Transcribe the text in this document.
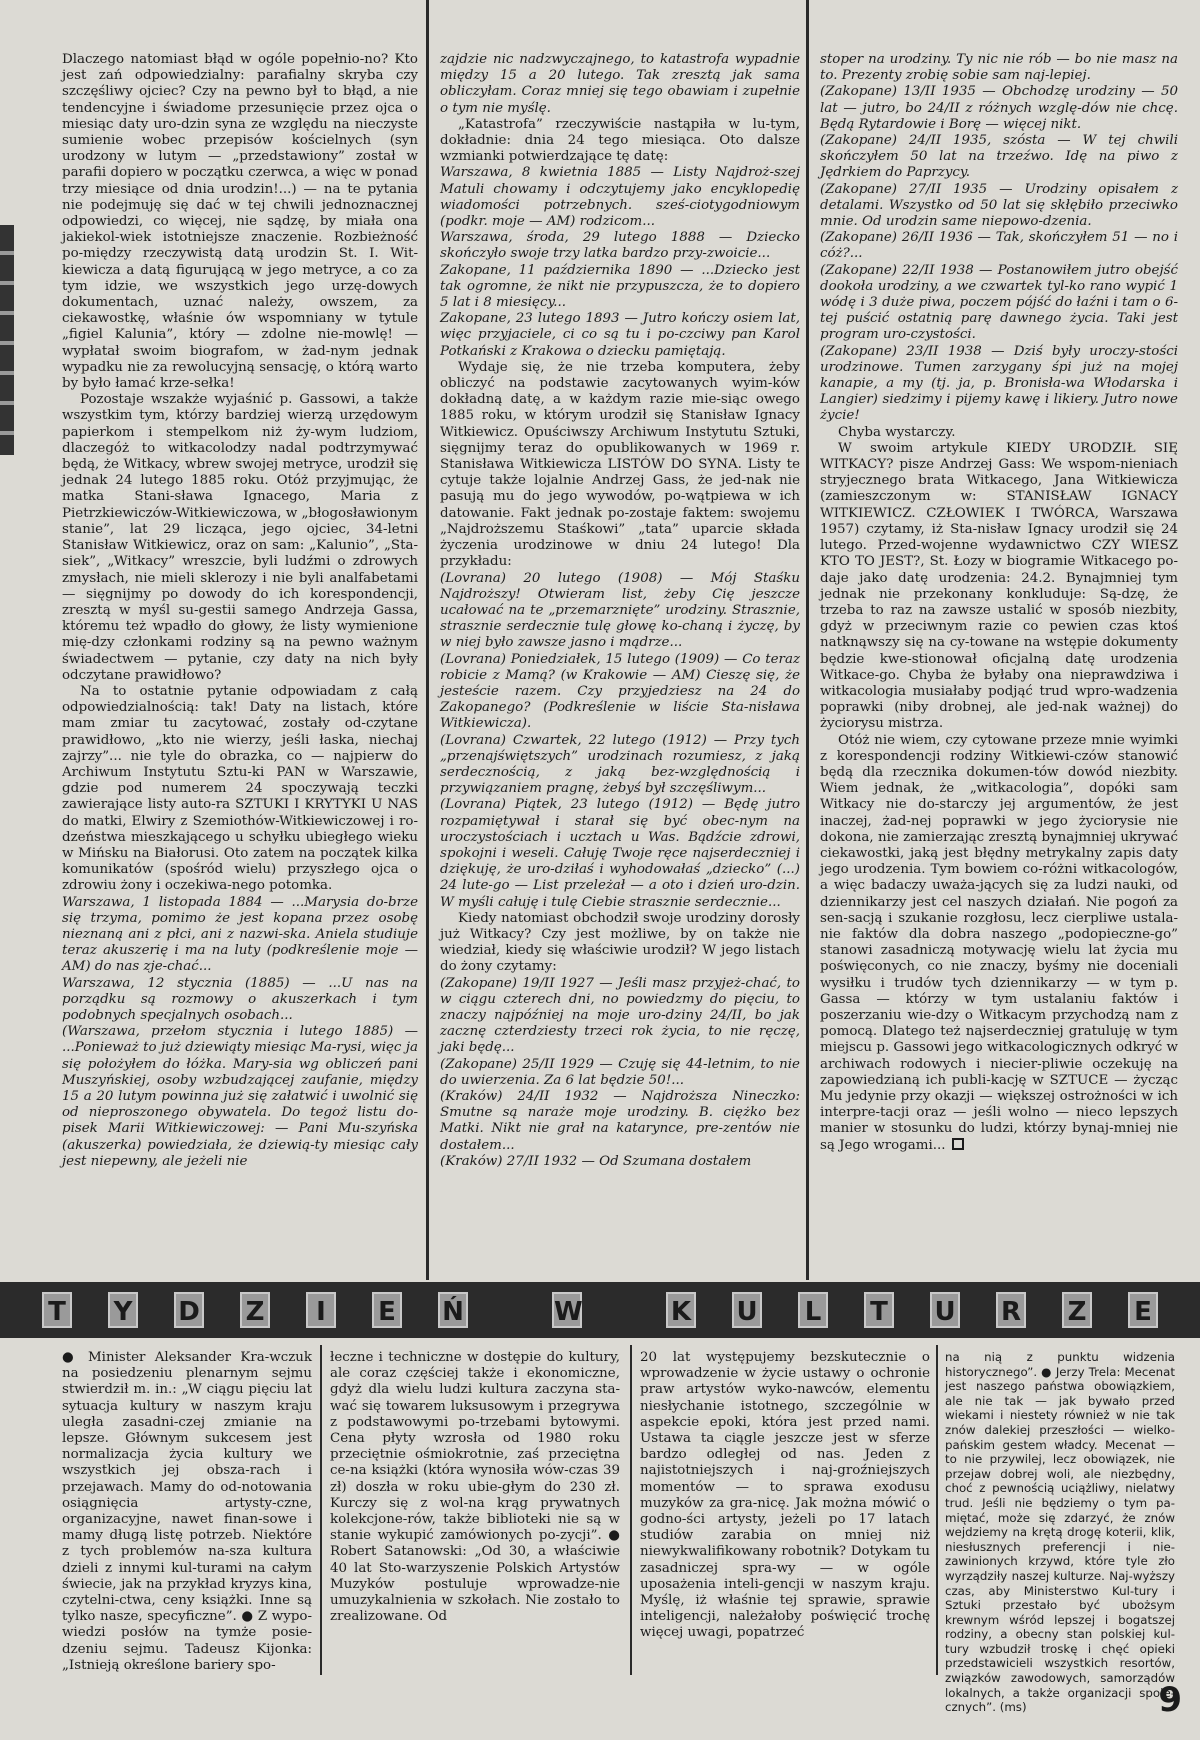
Dlaczego natomiast błąd w ogóle popełnio-no? Kto jest zań odpowiedzialny: parafialny skryba czy szczęśliwy ojciec? Czy na pewno był to błąd, a nie tendencyjne i świadome przesunięcie przez ojca o miesiąc daty uro-dzin syna ze względu na nieczyste sumienie wobec przepisów kościelnych (syn urodzony w lutym — „przedstawiony” został w parafii dopiero w początku czerwca, a więc w ponad trzy miesiące od dnia urodzin!...) — na te pytania nie podejmuję się dać w tej chwili jednoznacznej odpowiedzi, co więcej, nie sądzę, by miała ona jakiekol-wiek istotniejsze znaczenie. Rozbieżność po-między rzeczywistą datą urodzin St. I. Wit-kiewicza a datą figurującą w jego metryce, a co za tym idzie, we wszystkich jego urzę-dowych dokumentach, uznać należy, owszem, za ciekawostkę, właśnie ów wspomniany w tytule „figiel Kalunia”, który — zdolne nie-mowlę! — wypłatał swoim biografom, w żad-nym jednak wypadku nie za rewolucyjną sensację, o którą warto by było łamać krze-sełka!

Pozostaje wszakże wyjaśnić p. Gassowi, a także wszystkim tym, którzy bardziej wierzą urzędowym papierkom i stempelkom niż ży-wym ludziom, dlaczegóż to witkacolodzy nadal podtrzymywać będą, że Witkacy, wbrew swojej metryce, urodził się jednak 24 lutego 1885 roku. Otóż przyjmując, że matka Stani-sława Ignacego, Maria z Pietrzkiewiczów-Witkiewiczowa, w „błogosławionym stanie”, lat 29 licząca, jego ojciec, 34-letni Stanisław Witkiewicz, oraz on sam: „Kalunio”, „Sta-siek”, „Witkacy” wreszcie, byli ludźmi o zdrowych zmysłach, nie mieli sklerozy i nie byli analfabetami — sięgnijmy po dowody do ich korespondencji, zresztą w myśl su-gestii samego Andrzeja Gassa, któremu też wpadło do głowy, że listy wymienione mię-dzy członkami rodziny są na pewno ważnym świadectwem — pytanie, czy daty na nich były odczytane prawidłowo?

Na to ostatnie pytanie odpowiadam z całą odpowiedzialnością: tak! Daty na listach, które mam zmiar tu zacytować, zostały od-czytane prawidłowo, „kto nie wierzy, jeśli łaska, niechaj zajrzy”... nie tyle do obrazka, co — najpierw do Archiwum Instytutu Sztu-ki PAN w Warszawie, gdzie pod numerem 24 spoczywają teczki zawierające listy auto-ra SZTUKI I KRYTYKI U NAS do matki, Elwiry z Szemiothów-Witkiewiczowej i ro-dzeństwa mieszkającego u schyłku ubiegłego wieku w Mińsku na Białorusi. Oto zatem na początek kilka komunikatów (spośród wielu) przyszłego ojca o zdrowiu żony i oczekiwa-nego potomka.

Warszawa, 1 listopada 1884 — ...Marysia do-brze się trzyma, pomimo że jest kopana przez osobę nieznaną ani z płci, ani z nazwi-ska. Aniela studiuje teraz akuszerię i ma na luty (podkreślenie moje — AM) do nas zje-chać...

Warszawa, 12 stycznia (1885) — ...U nas na porządku są rozmowy o akuszerkach i tym podobnych specjalnych osobach...

(Warszawa, przełom stycznia i lutego 1885) — ...Ponieważ to już dziewiąty miesiąc Ma-rysi, więc ja się położyłem do łóżka. Mary-sia wg obliczeń pani Muszyńskiej, osoby wzbudzającej zaufanie, między 15 a 20 lutym powinna już się załatwić i uwolnić się od nieproszonego obywatela. Do tegoż listu do-pisek Marii Witkiewiczowej: — Pani Mu-szyńska (akuszerka) powiedziała, że dziewią-ty miesiąc cały jest niepewny, ale jeżeli nie

zajdzie nic nadzwyczajnego, to katastrofa wypadnie między 15 a 20 lutego. Tak zresztą jak sama obliczyłam. Coraz mniej się tego obawiam i zupełnie o tym nie myślę.

„Katastrofa” rzeczywiście nastąpiła w lu-tym, dokładnie: dnia 24 tego miesiąca. Oto dalsze wzmianki potwierdzające tę datę:

Warszawa, 8 kwietnia 1885 — Listy Najdroż-szej Matuli chowamy i odczytujemy jako encyklopedię wiadomości potrzebnych. sześ-ciotygodniowym (podkr. moje — AM) rodzicom...

Warszawa, środa, 29 lutego 1888 — Dziecko skończyło swoje trzy latka bardzo przy-zwoicie...

Zakopane, 11 października 1890 — ...Dziecko jest tak ogromne, że nikt nie przypuszcza, że to dopiero 5 lat i 8 miesięcy...

Zakopane, 23 lutego 1893 — Jutro kończy osiem lat, więc przyjaciele, ci co są tu i po-czciwy pan Karol Potkański z Krakowa o dziecku pamiętają.

Wydaje się, że nie trzeba komputera, żeby obliczyć na podstawie zacytowanych wyim-ków dokładną datę, a w każdym razie mie-siąc owego 1885 roku, w którym urodził się Stanisław Ignacy Witkiewicz. Opuściwszy Archiwum Instytutu Sztuki, sięgnijmy teraz do opublikowanych w 1969 r. Stanisława Witkiewicza LISTÓW DO SYNA. Listy te cytuje także lojalnie Andrzej Gass, że jed-nak nie pasują mu do jego wywodów, po-wątpiewa w ich datowanie. Fakt jednak po-zostaje faktem: swojemu „Najdroższemu Staśkowi” „tata” uparcie składa życzenia urodzinowe w dniu 24 lutego! Dla przykładu:

(Lovrana) 20 lutego (1908) — Mój Staśku Najdroższy! Otwieram list, żeby Cię jeszcze ucałować na te „przemarznięte” urodziny. Strasznie, strasznie serdecznie tulę głowę ko-chaną i życzę, by w niej było zawsze jasno i mądrze...

(Lovrana) Poniedziałek, 15 lutego (1909) — Co teraz robicie z Mamą? (w Krakowie — AM) Cieszę się, że jesteście razem. Czy przyjedziesz na 24 do Zakopanego? (Podkreślenie w liście Sta-nisława Witkiewicza).

(Lovrana) Czwartek, 22 lutego (1912) — Przy tych „przenajświętszych” urodzinach rozumiesz, z jaką serdecznością, z jaką bez-względnością i przywiązaniem pragnę, żebyś był szczęśliwym...

(Lovrana) Piątek, 23 lutego (1912) — Będę jutro rozpamiętywał i starał się być obec-nym na uroczystościach i ucztach u Was. Bądźcie zdrowi, spokojni i weseli. Całuję Twoje ręce najserdeczniej i dziękuję, że uro-dziłaś i wyhodowałaś „dziecko” (...) 24 lute-go — List przeleżał — a oto i dzień uro-dzin. W myśli całuję i tulę Ciebie strasznie serdecznie...

Kiedy natomiast obchodził swoje urodziny dorosły już Witkacy? Czy jest możliwe, by on także nie wiedział, kiedy się właściwie urodził? W jego listach do żony czytamy:

(Zakopane) 19/II 1927 — Jeśli masz przyjeż-chać, to w ciągu czterech dni, no powiedzmy do pięciu, to znaczy najpóźniej na moje uro-dziny 24/II, bo jak zacznę czterdziesty trzeci rok życia, to nie ręczę, jaki będę...

(Zakopane) 25/II 1929 — Czuję się 44-letnim, to nie do uwierzenia. Za 6 lat będzie 50!...

(Kraków) 24/II 1932 — Najdroższa Nineczko: Smutne są naraże moje urodziny. B. ciężko bez Matki. Nikt nie grał na katarynce, pre-zentów nie dostałem...

(Kraków) 27/II 1932 — Od Szumana dostałem

stoper na urodziny. Ty nic nie rób — bo nie masz na to. Prezenty zrobię sobie sam naj-lepiej.

(Zakopane) 13/II 1935 — Obchodzę urodziny — 50 lat — jutro, bo 24/II z różnych wzglę-dów nie chcę. Będą Rytardowie i Borę — więcej nikt.

(Zakopane) 24/II 1935, szósta — W tej chwili skończyłem 50 lat na trzeźwo. Idę na piwo z Jędrkiem do Paprzycy.

(Zakopane) 27/II 1935 — Urodziny opisałem z detalami. Wszystko od 50 lat się skłębiło przeciwko mnie. Od urodzin same niepowo-dzenia.

(Zakopane) 26/II 1936 — Tak, skończyłem 51 — no i cóż?...

(Zakopane) 22/II 1938 — Postanowiłem jutro obejść dookoła urodziny, a we czwartek tyl-ko rano wypić 1 wódę i 3 duże piwa, poczem pójść do łaźni i tam o 6-tej puścić ostatnią parę dawnego życia. Taki jest program uro-czystości.

(Zakopane) 23/II 1938 — Dziś były uroczy-stości urodzinowe. Tumen zarzygany śpi już na mojej kanapie, a my (tj. ja, p. Bronisła-wa Włodarska i Langier) siedzimy i pijemy kawę i likiery. Jutro nowe życie!

Chyba wystarczy.

W swoim artykule KIEDY URODZIŁ SIĘ WITKACY? pisze Andrzej Gass: We wspom-nieniach stryjecznego brata Witkacego, Jana Witkiewicza (zamieszczonym w: STANISŁAW IGNACY WITKIEWICZ. CZŁOWIEK I TWÓRCA, Warszawa 1957) czytamy, iż Sta-nisław Ignacy urodził się 24 lutego. Przed-wojenne wydawnictwo CZY WIESZ KTO TO JEST?, St. Łozy w biogramie Witkacego po-daje jako datę urodzenia: 24.2. Bynajmniej tym jednak nie przekonany konkluduje: Są-dzę, że trzeba to raz na zawsze ustalić w sposób niezbity, gdyż w przeciwnym razie co pewien czas ktoś natknąwszy się na cy-towane na wstępie dokumenty będzie kwe-stionował oficjalną datę urodzenia Witkace-go. Chyba że byłaby ona nieprawdziwa i witkacologia musiałaby podjąć trud wpro-wadzenia poprawki (niby drobnej, ale jed-nak ważnej) do życiorysu mistrza.

Otóż nie wiem, czy cytowane przeze mnie wyimki z korespondencji rodziny Witkiewi-czów stanowić będą dla rzecznika dokumen-tów dowód niezbity. Wiem jednak, że „witkacologia”, dopóki sam Witkacy nie do-starczy jej argumentów, że jest inaczej, żad-nej poprawki w jego życiorysie nie dokona, nie zamierzając zresztą bynajmniej ukrywać ciekawostki, jaką jest błędny metrykalny zapis daty jego urodzenia. Tym bowiem co-różni witkacologów, a więc badaczy uważa-jących się za ludzi nauki, od dziennikarzy jest cel naszych działań. Nie pogoń za sen-sacją i szukanie rozgłosu, lecz cierpliwe ustala-nie faktów dla dobra naszego „podopieczne-go” stanowi zasadniczą motywację wielu lat życia mu poświęconych, co nie znaczy, byśmy nie doceniali wysiłku i trudów tych dziennikarzy — w tym p. Gassa — którzy w tym ustalaniu faktów i poszerzaniu wie-dzy o Witkacym przychodzą nam z pomocą. Dlatego też najserdeczniej gratuluję w tym miejscu p. Gassowi jego witkacologicznych odkryć w archiwach rodowych i niecier-pliwie oczekuję na zapowiedzianą ich publi-kację w SZTUCE — życząc Mu jedynie przy okazji — większej ostrożności w ich interpre-tacji oraz — jeśli wolno — nieco lepszych manier w stosunku do ludzi, którzy bynaj-mniej nie są Jego wrogami...

T Y D Z	I	E Ń	W	K U L T U R Z E
● Minister Aleksander Kra-wczuk na posiedzeniu plenarnym sejmu stwierdził m. in.: „W ciągu pięciu lat sytuacja kultury w naszym kraju uległa zasadni-czej zmianie na lepsze. Głównym sukcesem jest normalizacja życia kultury we wszystkich jej obsza-rach i przejawach. Mamy do od-notowania osiągnięcia artysty-czne, organizacyjne, nawet finan-sowe i mamy długą listę potrzeb. Niektóre z tych problemów na-sza kultura dzieli z innymi kul-turami na całym świecie, jak na przykład kryzys kina, czytelni-ctwa, ceny książki. Inne są tylko nasze, specyficzne”. ● Z wypo-wiedzi posłów na tymże posie-dzeniu sejmu. Tadeusz Kijonka: „Istnieją określone bariery spo-
łeczne i techniczne w dostępie do kultury, ale coraz częściej także i ekonomiczne, gdyż dla wielu ludzi kultura zaczyna sta-wać się towarem luksusowym i przegrywa z podstawowymi po-trzebami bytowymi. Cena płyty wzrosła od 1980 roku przeciętnie ośmiokrotnie, zaś przeciętna ce-na książki (która wynosiła wów-czas 39 zł) doszła w roku ubie-głym do 230 zł. Kurczy się z wol-na krąg prywatnych kolekcjone-rów, także biblioteki nie są w stanie wykupić zamówionych po-zycji”. ● Robert Satanowski: „Od 30, a właściwie 40 lat Sto-warzyszenie Polskich Artystów Muzyków postuluje wprowadze-nie umuzykalnienia w szkołach. Nie zostało to zrealizowane. Od
20 lat występujemy bezskutecznie o wprowadzenie w życie ustawy o ochronie praw artystów wyko-nawców, elementu niesłychanie istotnego, szczególnie w aspekcie epoki, która jest przed nami. Ustawa ta ciągle jeszcze jest w sferze bardzo odległej od nas. Jeden z najistotniejszych i naj-groźniejszych momentów — to sprawa exodusu muzyków za gra-nicę. Jak można mówić o godno-ści artysty, jeżeli po 17 latach studiów zarabia on mniej niż niewykwalifikowany robotnik? Dotykam tu zasadniczej spra-wy — w ogóle uposażenia inteli-gencji w naszym kraju. Myślę, iż właśnie tej sprawie, sprawie inteligencji, należałoby poświęcić trochę więcej uwagi, popatrzeć
na nią z punktu widzenia historycznego”. ● Jerzy Trela: Mecenat jest naszego państwa obowiązkiem, ale nie tak — jak bywało przed wiekami i niestety również w nie tak znów dalekiej przeszłości — wielko-pańskim gestem władcy. Mecenat — to nie przywilej, lecz obowiązek, nie przejaw dobrej woli, ale niezbędny, choć z pewnością uciążliwy, nielatwy trud. Jeśli nie będziemy o tym pa-miętać, może się zdarzyć, że znów wejdziemy na krętą drogę koterii, klik, niesłusznych preferencji i nie-zawinionych krzywd, które tyle zło wyrządziły naszej kulturze. Naj-wyższy czas, aby Ministerstwo Kul-tury i Sztuki przestało być ubożsym krewnym wśród lepszej i bogatszej rodziny, a obecny stan polskiej kul-tury wzbudził troskę i chęć opieki przedstawicieli wszystkich resortów, związków zawodowych, samorządów lokalnych, a także organizacji społe-cznych”. (ms)	9
